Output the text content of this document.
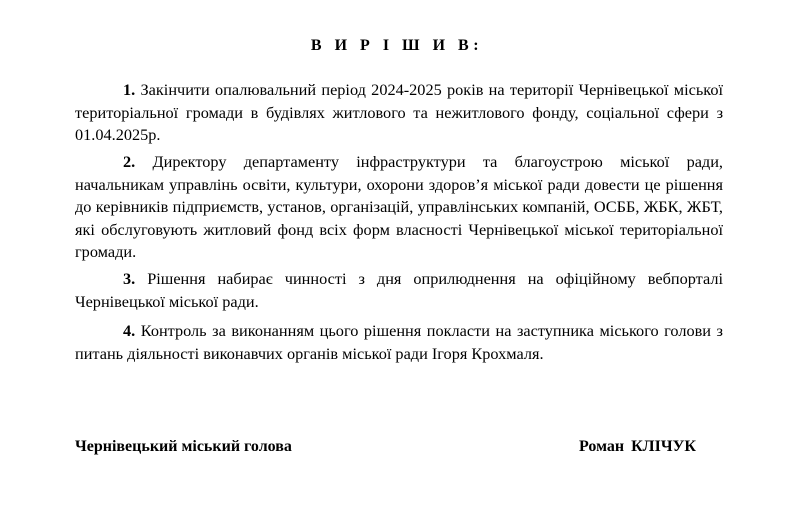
В И Р І Ш И В:

1. Закінчити опалювальний період 2024-2025 років на території Чернівецької міської територіальної громади в будівлях житлового та нежитлового фонду, соціальної сфери з 01.04.2025р.

2. Директору департаменту інфраструктури та благоустрою міської ради, начальникам управлінь освіти, культури, охорони здоров’я міської ради довести це рішення до керівників підприємств, установ, організацій, управлінських компаній, ОСББ, ЖБК, ЖБТ, які обслуговують житловий фонд всіх форм власності Чернівецької міської територіальної громади.

3. Рішення набирає чинності з дня оприлюднення на офіційному вебпорталі Чернівецької міської ради.

4. Контроль за виконанням цього рішення покласти на заступника міського голови з питань діяльності виконавчих органів міської ради Ігоря Крохмаля.

Чернівецький міський голова	Роман КЛІЧУК
